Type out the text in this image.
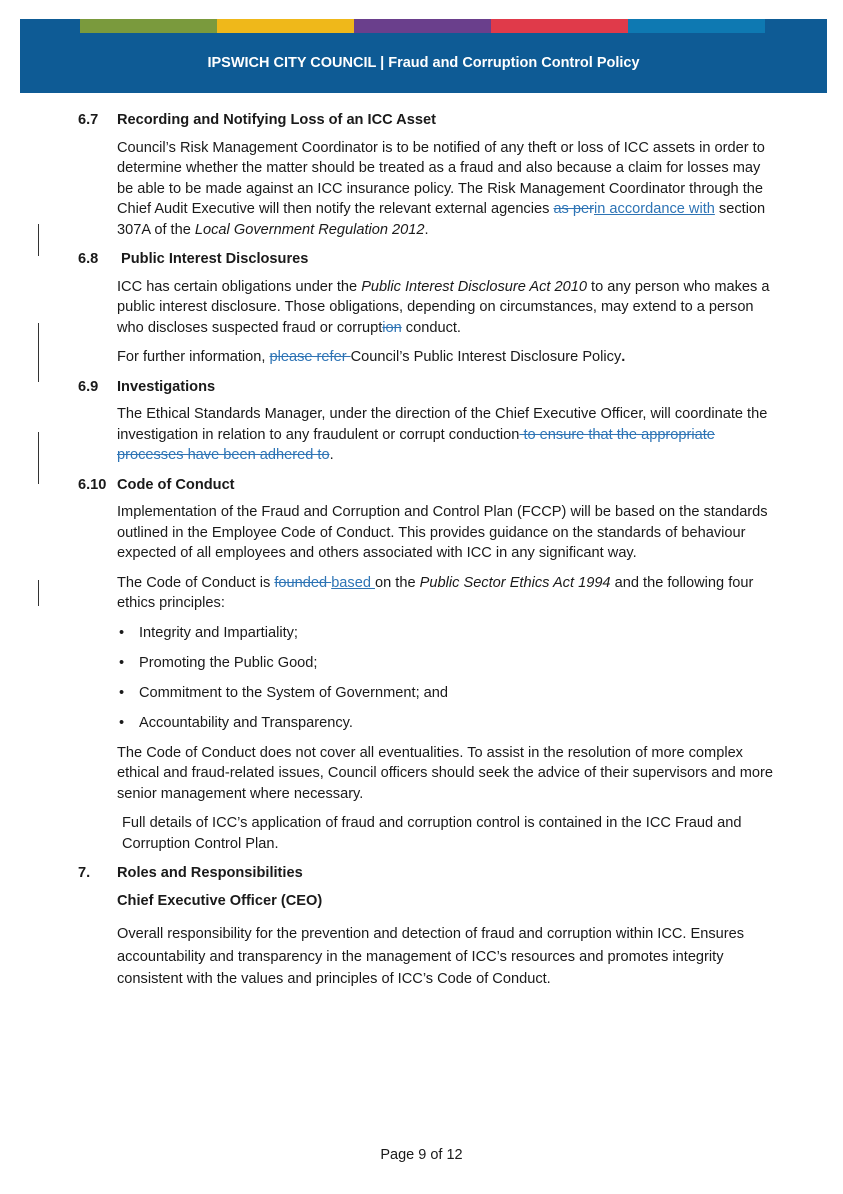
IPSWICH CITY COUNCIL | Fraud and Corruption Control Policy
6.7	Recording and Notifying Loss of an ICC Asset

Council’s Risk Management Coordinator is to be notified of any theft or loss of ICC assets in order to determine whether the matter should be treated as a fraud and also because a claim for losses may be able to be made against an ICC insurance policy. The Risk Management Coordinator through the Chief Audit Executive will then notify the relevant external agencies as perin accordance with section 307A of the Local Government Regulation 2012.

6.8	Public Interest Disclosures

ICC has certain obligations under the Public Interest Disclosure Act 2010 to any person who makes a public interest disclosure. Those obligations, depending on circumstances, may extend to a person who discloses suspected fraud or corruption conduct.

For further information, please refer Council’s Public Interest Disclosure Policy.

6.9	Investigations

The Ethical Standards Manager, under the direction of the Chief Executive Officer, will coordinate the investigation in relation to any fraudulent or corrupt conduction to ensure that the appropriate processes have been adhered to.

6.10 Code of Conduct

Implementation of the Fraud and Corruption and Control Plan (FCCP) will be based on the standards outlined in the Employee Code of Conduct. This provides guidance on the standards of behaviour expected of all employees and others associated with ICC in any significant way.

The Code of Conduct is founded based on the Public Sector Ethics Act 1994 and the following four ethics principles:

•	Integrity and Impartiality;
•	Promoting the Public Good;
•	Commitment to the System of Government; and
•	Accountability and Transparency.

The Code of Conduct does not cover all eventualities. To assist in the resolution of more complex ethical and fraud-related issues, Council officers should seek the advice of their supervisors and more senior management where necessary.

Full details of ICC’s application of fraud and corruption control is contained in the ICC Fraud and Corruption Control Plan.

7.	Roles and Responsibilities
Chief Executive Officer (CEO)

Overall responsibility for the prevention and detection of fraud and corruption within ICC. Ensures accountability and transparency in the management of ICC’s resources and promotes integrity consistent with the values and principles of ICC’s Code of Conduct.

Page 9 of 12
